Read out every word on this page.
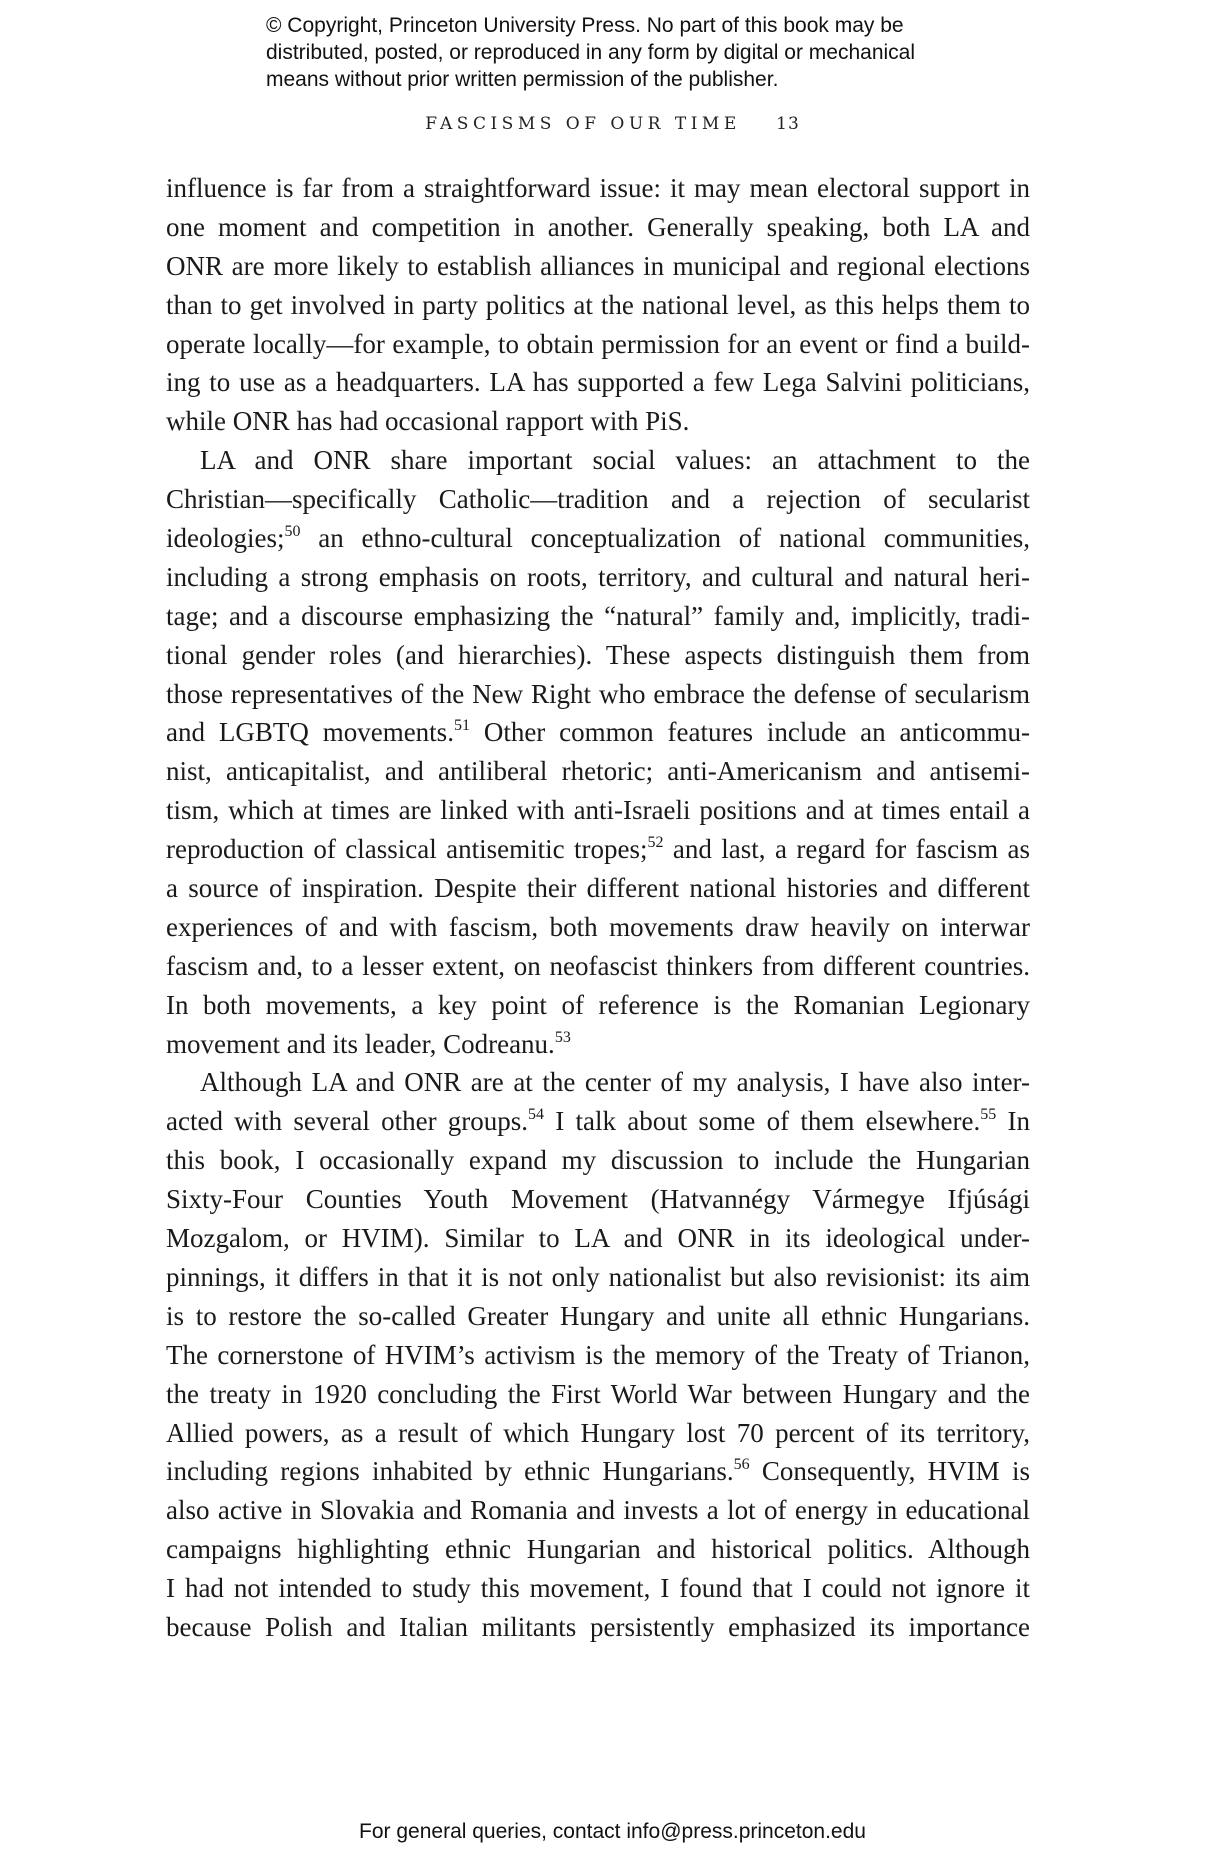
© Copyright, Princeton University Press. No part of this book may be
distributed, posted, or reproduced in any form by digital or mechanical
means without prior written permission of the publisher.
FASCISMS OF OUR TIME 13
influence is far from a straightforward issue: it may mean electoral support in
one moment and competition in another. Generally speaking, both LA and
ONR are more likely to establish alliances in municipal and regional elections
than to get involved in party politics at the national level, as this helps them to
operate locally—for example, to obtain permission for an event or find a build-
ing to use as a headquarters. LA has supported a few Lega Salvini politicians,
while ONR has had occasional rapport with PiS.
LA and ONR share important social values: an attachment to the
Christian—specifically Catholic—tradition and a rejection of secularist
ideologies;$^{50}$ an ethno-cultural conceptualization of national communities,
including a strong emphasis on roots, territory, and cultural and natural heri-
tage; and a discourse emphasizing the “natural” family and, implicitly, tradi-
tional gender roles (and hierarchies). These aspects distinguish them from
those representatives of the New Right who embrace the defense of secularism
and LGBTQ movements.$^{51}$ Other common features include an anticommu-
nist, anticapitalist, and antiliberal rhetoric; anti-Americanism and antisemi-
tism, which at times are linked with anti-Israeli positions and at times entail a
reproduction of classical antisemitic tropes;$^{52}$ and last, a regard for fascism as
a source of inspiration. Despite their different national histories and different
experiences of and with fascism, both movements draw heavily on interwar
fascism and, to a lesser extent, on neofascist thinkers from different countries.
In both movements, a key point of reference is the Romanian Legionary
movement and its leader, Codreanu.$^{53}$
Although LA and ONR are at the center of my analysis, I have also inter-
acted with several other groups.$^{54}$ I talk about some of them elsewhere.$^{55}$ In
this book, I occasionally expand my discussion to include the Hungarian
Sixty-Four Counties Youth Movement (Hatvannégy Vármegye Ifjúsági
Mozgalom, or HVIM). Similar to LA and ONR in its ideological under-
pinnings, it differs in that it is not only nationalist but also revisionist: its aim
is to restore the so-called Greater Hungary and unite all ethnic Hungarians.
The cornerstone of HVIM’s activism is the memory of the Treaty of Trianon,
the treaty in 1920 concluding the First World War between Hungary and the
Allied powers, as a result of which Hungary lost 70 percent of its territory,
including regions inhabited by ethnic Hungarians.$^{56}$ Consequently, HVIM is
also active in Slovakia and Romania and invests a lot of energy in educational
campaigns highlighting ethnic Hungarian and historical politics. Although
I had not intended to study this movement, I found that I could not ignore it
because Polish and Italian militants persistently emphasized its importance
For general queries, contact info@press.princeton.edu
